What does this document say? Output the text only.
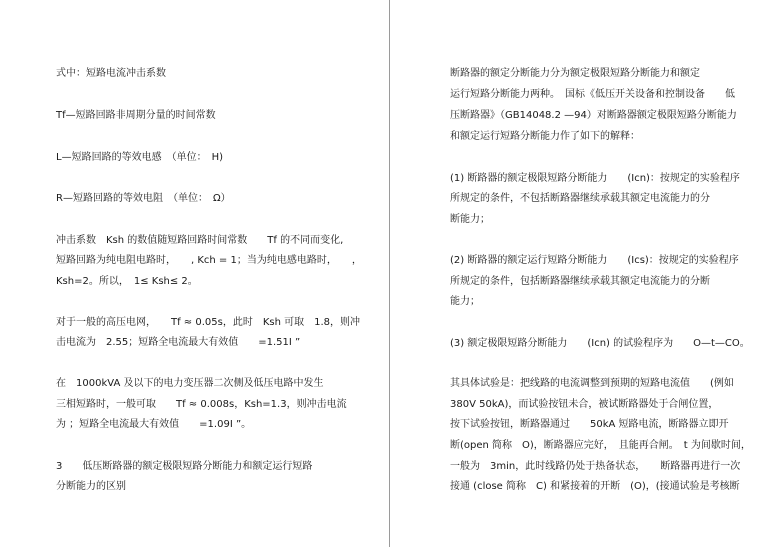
式中：短路电流冲击系数
Tf—短路回路非周期分量的时间常数
L—短路回路的等效电感　（单位：　H)
R—短路回路的等效电阻　（单位：　Ω）
冲击系数　Ksh 的数值随短路回路时间常数　　Tf 的不同而变化,
短路回路为纯电阻电路时，　　, Kch = 1；当为纯电感电路时，　　，
Ksh=2。所以，　1≤ Ksh≤ 2。
对于一般的高压电网，　　Tf ≈ 0.05s，此时　Ksh 可取　1.8，则冲
击电流为　2.55；短路全电流最大有效值　　=1.51I ”
在　1000kVA 及以下的电力变压器二次侧及低压电路中发生
三相短路时，一般可取　　Tf ≈ 0.008s，Ksh=1.3，则冲击电流
为 ；短路全电流最大有效值　　=1.09I ”。
3　　低压断路器的额定极限短路分断能力和额定运行短路
分断能力的区别
断路器的额定分断能力分为额定极限短路分断能力和额定
运行短路分断能力两种。　国标《低压开关设备和控制设备　　低
压断路器》（GB14048.2 —94）对断路器额定极限短路分断能力
和额定运行短路分断能力作了如下的解释：
(1) 断路器的额定极限短路分断能力　　(Icn)：按规定的实验程序
所规定的条件，不包括断路器继续承载其额定电流能力的分
断能力；
(2) 断路器的额定运行短路分断能力　　(Ics)：按规定的实验程序
所规定的条件，包括断路器继续承载其额定电流能力的分断
能力；
(3) 额定极限短路分断能力　　(Icn) 的试验程序为　　O—t—CO。
其具体试验是：把线路的电流调整到预期的短路电流值　　(例如
380V 50kA)，而试验按钮未合，被试断路器处于合闸位置，
按下试验按钮，断路器通过　　50kA 短路电流，断路器立即开
断(open 简称　O)，断路器应完好，　且能再合闸。　t 为间歇时间，
一般为　3min，此时线路仍处于热备状态，　　断路器再进行一次
接通 (close 简称　C) 和紧接着的开断　(O)，(接通试验是考核断
